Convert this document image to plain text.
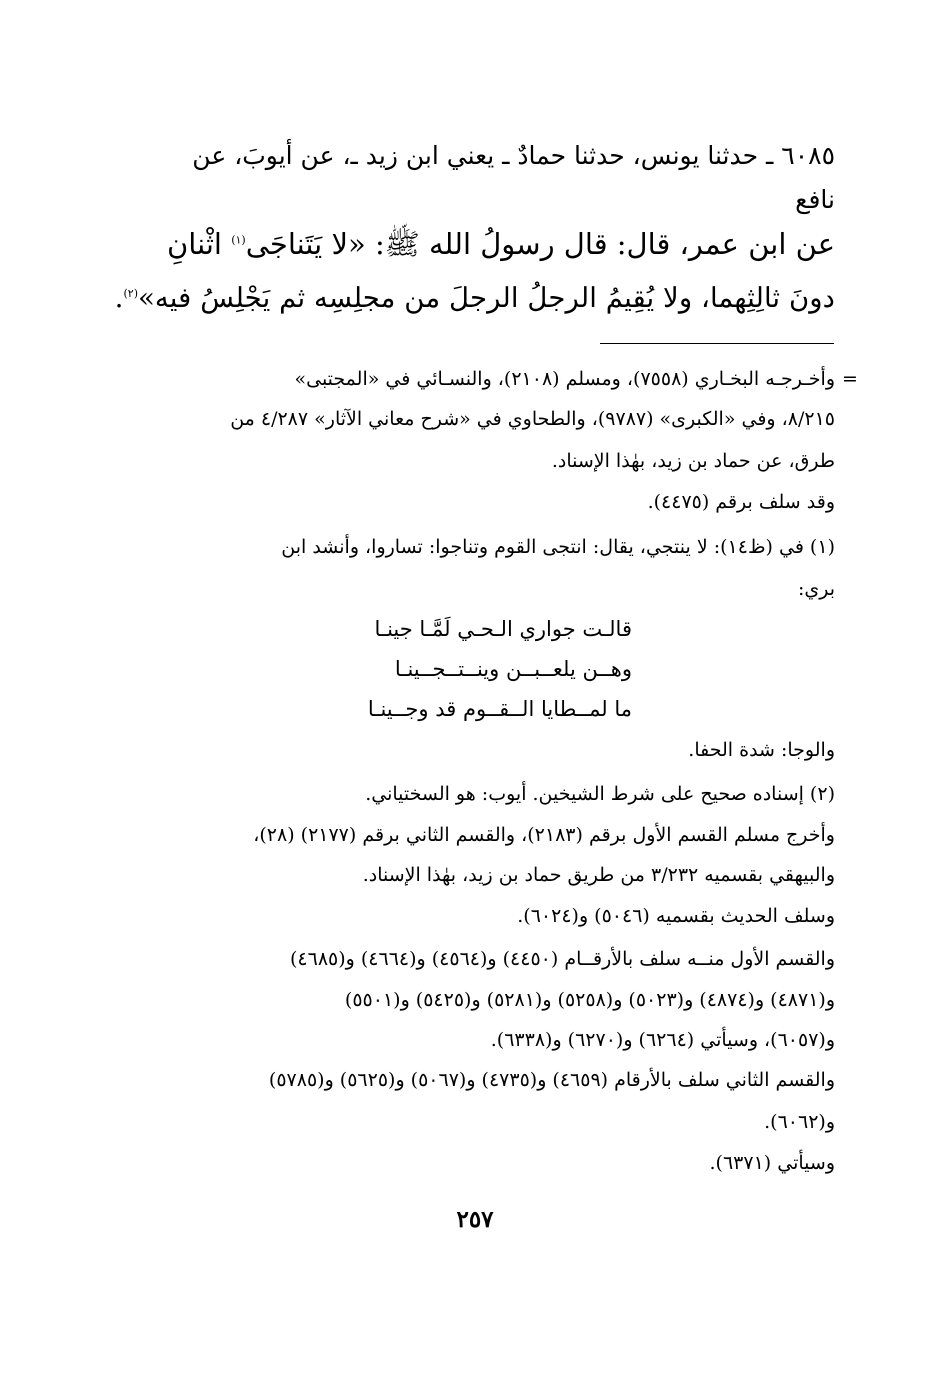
٦٠٨٥ ـ حدثنا يونس، حدثنا حمادٌ ـ يعني ابن زيد ـ، عن أيوبَ، عن
نافع
عن ابن عمر، قال: قال رسولُ الله ﷺ: «لا يَتَناجَى$^{(١)}$ اثْنانِ
دونَ ثالِثِهما، ولا يُقِيمُ الرجلُ الرجلَ من مجلِسِه ثم يَجْلِسُ فيه»$^{(٢)}$.
=
وأخـرجـه البخـاري (٧٥٥٨)، ومسلم (٢١٠٨)، والنسـائي في «المجتبى»
٨/٢١٥، وفي «الكبرى» (٩٧٨٧)، والطحاوي في «شرح معاني الآثار» ٤/٢٨٧ من
طرق، عن حماد بن زيد، بهٰذا الإسناد.
وقد سلف برقم (٤٤٧٥).
(١) في (ظ١٤): لا ينتجي، يقال: انتجى القوم وتناجوا: تساروا، وأنشد ابن
بري:
قالـت جواري الـحـي لَمَّـا جينـا
وهــن يلعــبــن وينــتــجــينـا
ما لمــطايا الــقــوم قد وجــينـا
والوجا: شدة الحفا.
(٢) إسناده صحيح على شرط الشيخين. أيوب: هو السختياني.
وأخرج مسلم القسم الأول برقم (٢١٨٣)، والقسم الثاني برقم (٢١٧٧) (٢٨)،
والبيهقي بقسميه ٣/٢٣٢ من طريق حماد بن زيد، بهٰذا الإسناد.
وسلف الحديث بقسميه (٥٠٤٦) و(٦٠٢٤).
والقسم الأول منــه سلف بالأرقــام (٤٤٥٠) و(٤٥٦٤) و(٤٦٦٤) و(٤٦٨٥)
و(٤٨٧١) و(٤٨٧٤) و(٥٠٢٣) و(٥٢٥٨) و(٥٢٨١) و(٥٤٢٥) و(٥٥٠١)
و(٦٠٥٧)، وسيأتي (٦٢٦٤) و(٦٢٧٠) و(٦٣٣٨).
والقسم الثاني سلف بالأرقام (٤٦٥٩) و(٤٧٣٥) و(٥٠٦٧) و(٥٦٢٥) و(٥٧٨٥)
و(٦٠٦٢).
وسيأتي (٦٣٧١).
٢٥٧
